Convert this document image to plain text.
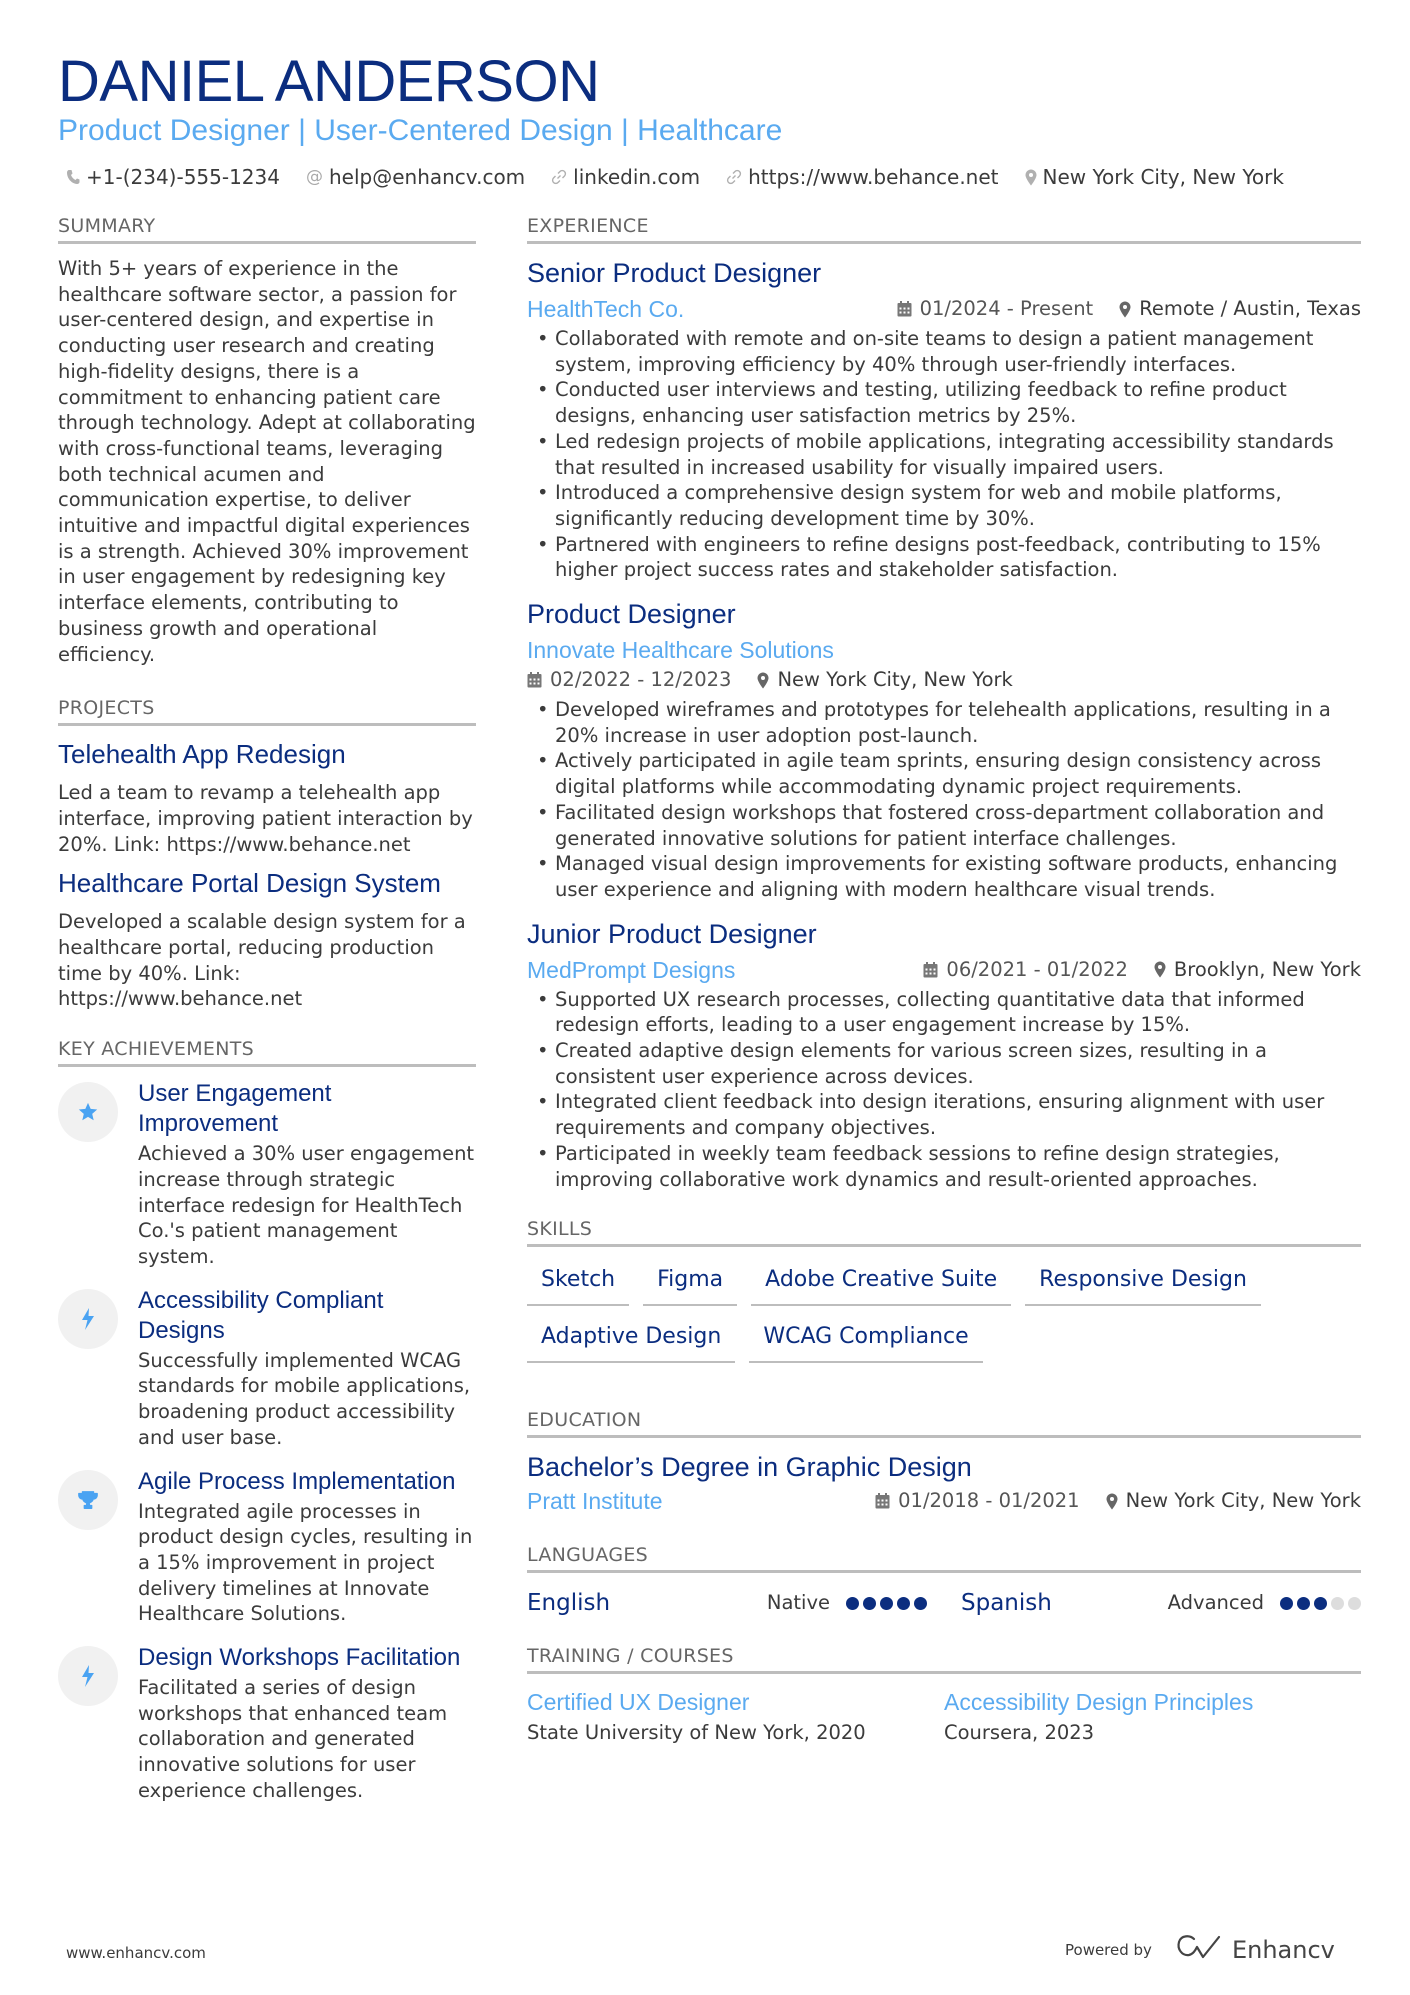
DANIEL ANDERSON
Product Designer | User-Centered Design | Healthcare
+1-(234)-555-1234 @ help@enhancv.com linkedin.com https://www.behance.net New York City, New York
SUMMARY

With 5+ years of experience in the healthcare software sector, a passion for user-centered design, and expertise in conducting user research and creating high-fidelity designs, there is a commitment to enhancing patient care through technology. Adept at collaborating with cross-functional teams, leveraging both technical acumen and communication expertise, to deliver intuitive and impactful digital experiences is a strength. Achieved 30% improvement in user engagement by redesigning key interface elements, contributing to business growth and operational efficiency.

PROJECTS
Telehealth App Redesign

Led a team to revamp a telehealth app interface, improving patient interaction by 20%. Link: https://www.behance.net

Healthcare Portal Design System

Developed a scalable design system for a healthcare portal, reducing production time by 40%. Link: https://www.behance.net

KEY ACHIEVEMENTS
User Engagement Improvement

Achieved a 30% user engagement increase through strategic interface redesign for HealthTech Co.'s patient management system.

Accessibility Compliant Designs

Successfully implemented WCAG standards for mobile applications, broadening product accessibility and user base.

Agile Process Implementation

Integrated agile processes in product design cycles, resulting in a 15% improvement in project delivery timelines at Innovate Healthcare Solutions.

Design Workshops Facilitation

Facilitated a series of design workshops that enhanced team collaboration and generated innovative solutions for user experience challenges.

EXPERIENCE
Senior Product Designer
HealthTech Co.	01/2024 - Present Remote / Austin, Texas
• Collaborated with remote and on-site teams to design a patient management system, improving efficiency by 40% through user-friendly interfaces.
• Conducted user interviews and testing, utilizing feedback to refine product designs, enhancing user satisfaction metrics by 25%.
• Led redesign projects of mobile applications, integrating accessibility standards that resulted in increased usability for visually impaired users.
• Introduced a comprehensive design system for web and mobile platforms, significantly reducing development time by 30%.
• Partnered with engineers to refine designs post-feedback, contributing to 15% higher project success rates and stakeholder satisfaction.
Product Designer
Innovate Healthcare Solutions
02/2022 - 12/2023 New York City, New York
• Developed wireframes and prototypes for telehealth applications, resulting in a 20% increase in user adoption post-launch.
• Actively participated in agile team sprints, ensuring design consistency across digital platforms while accommodating dynamic project requirements.
• Facilitated design workshops that fostered cross-department collaboration and generated innovative solutions for patient interface challenges.
• Managed visual design improvements for existing software products, enhancing user experience and aligning with modern healthcare visual trends.
Junior Product Designer
MedPrompt Designs	06/2021 - 01/2022 Brooklyn, New York
• Supported UX research processes, collecting quantitative data that informed redesign efforts, leading to a user engagement increase by 15%.
• Created adaptive design elements for various screen sizes, resulting in a consistent user experience across devices.
• Integrated client feedback into design iterations, ensuring alignment with user requirements and company objectives.
• Participated in weekly team feedback sessions to refine design strategies, improving collaborative work dynamics and result-oriented approaches.
SKILLS
Sketch	Figma	Adobe Creative Suite	Responsive Design
Adaptive Design	WCAG Compliance
EDUCATION
Bachelor’s Degree in Graphic Design
Pratt Institute	01/2018 - 01/2021 New York City, New York
LANGUAGES
English	Native	Spanish	Advanced
TRAINING / COURSES
Certified UX Designer
State University of New York, 2020
Accessibility Design Principles
Coursera, 2023
www.enhancv.com	Powered by	Enhancv
